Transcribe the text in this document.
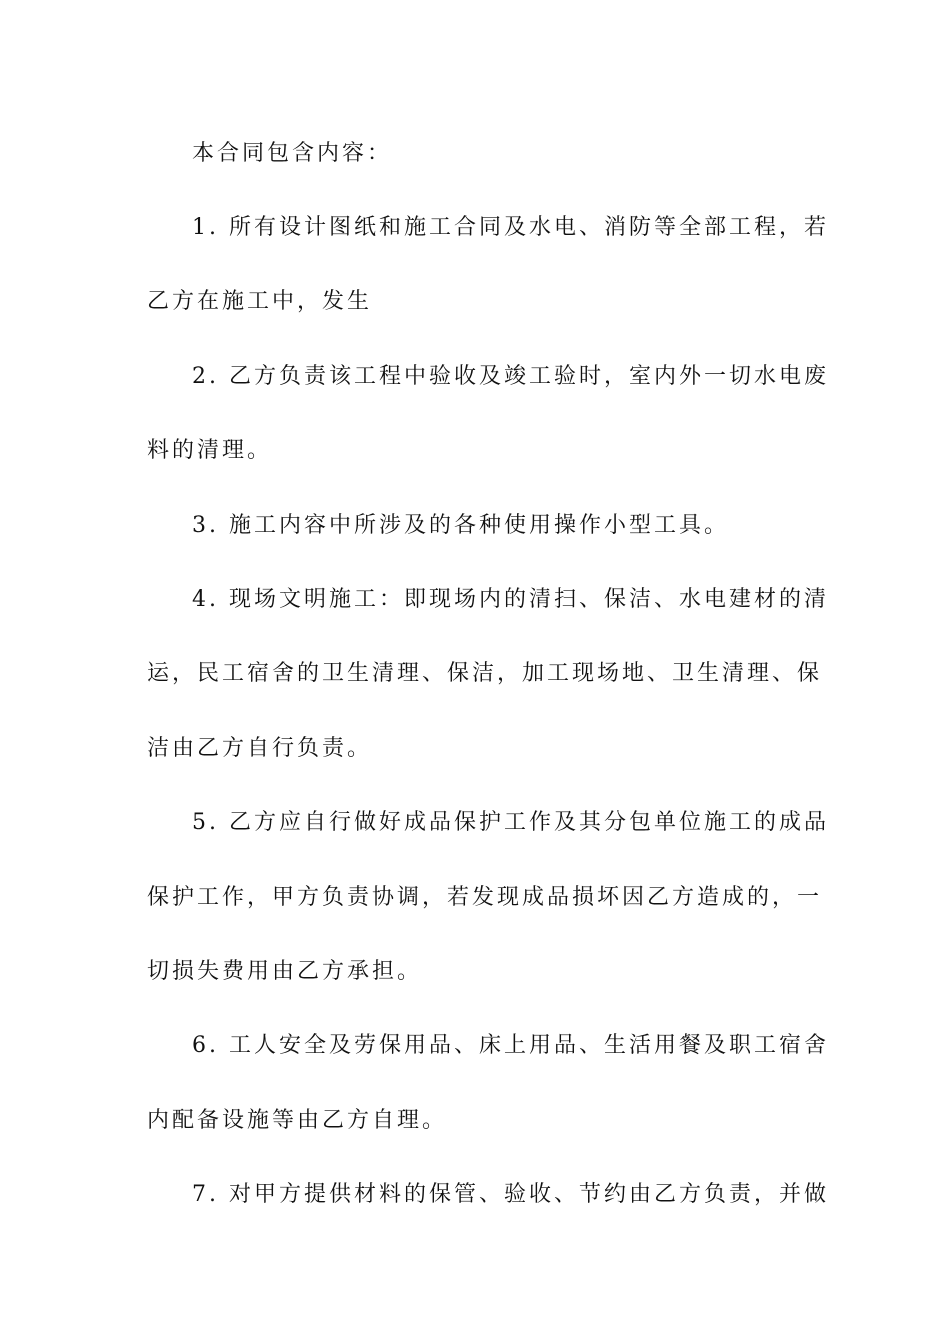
本合同包含内容：
1. 所有设计图纸和施工合同及水电、消防等全部工程，若
乙方在施工中，发生
2. 乙方负责该工程中验收及竣工验时，室内外一切水电废
料的清理。
3. 施工内容中所涉及的各种使用操作小型工具。
4. 现场文明施工：即现场内的清扫、保洁、水电建材的清
运，民工宿舍的卫生清理、保洁，加工现场地、卫生清理、保
洁由乙方自行负责。
5. 乙方应自行做好成品保护工作及其分包单位施工的成品
保护工作，甲方负责协调，若发现成品损坏因乙方造成的，一
切损失费用由乙方承担。
6. 工人安全及劳保用品、床上用品、生活用餐及职工宿舍
内配备设施等由乙方自理。
7. 对甲方提供材料的保管、验收、节约由乙方负责，并做
